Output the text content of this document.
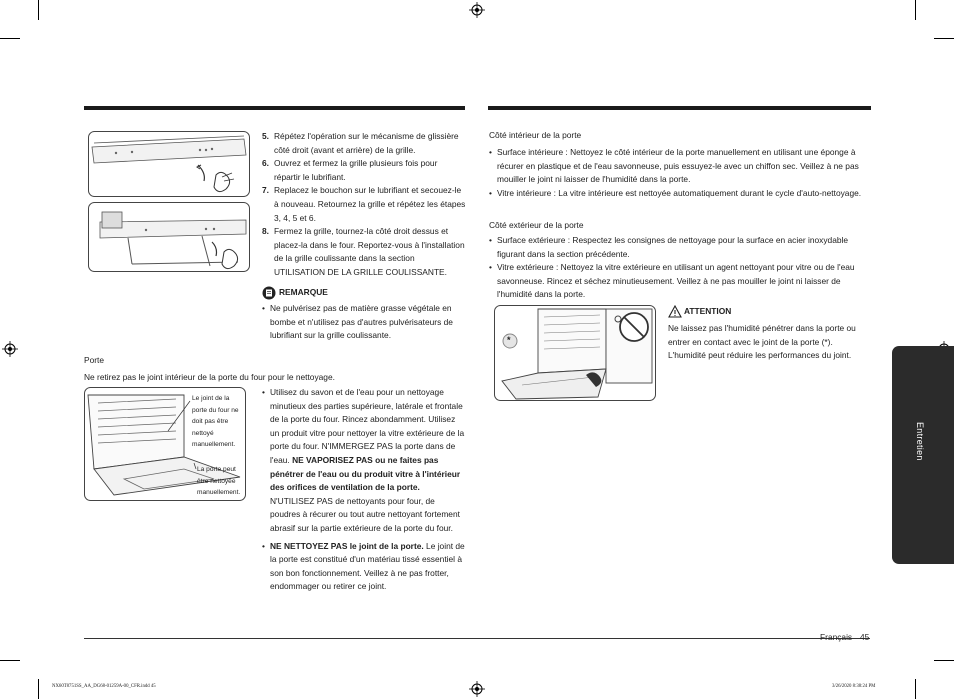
5. Répétez l'opération sur le mécanisme de glissière côté droit (avant et arrière) de la grille.
6. Ouvrez et fermez la grille plusieurs fois pour répartir le lubrifiant.
7. Replacez le bouchon sur le lubrifiant et secouez-le à nouveau. Retournez la grille et répétez les étapes 3, 4, 5 et 6.
8. Fermez la grille, tournez-la côté droit dessus et placez-la dans le four. Reportez-vous à l'installation de la grille coulissante dans la section UTILISATION DE LA GRILLE COULISSANTE.
REMARQUE
• Ne pulvérisez pas de matière grasse végétale en bombe et n'utilisez pas d'autres pulvérisateurs de lubrifiant sur la grille coulissante.
Porte
Ne retirez pas le joint intérieur de la porte du four pour le nettoyage.
Le joint de la porte du four ne doit pas être nettoyé manuellement.
La porte peut être nettoyée manuellement.
• Utilisez du savon et de l'eau pour un nettoyage minutieux des parties supérieure, latérale et frontale de la porte du four. Rincez abondamment. Utilisez un produit vitre pour nettoyer la vitre extérieure de la porte du four. N'IMMERGEZ PAS la porte dans de l'eau. NE VAPORISEZ PAS ou ne faites pas pénétrer de l'eau ou du produit vitre à l'intérieur des orifices de ventilation de la porte. N'UTILISEZ PAS de nettoyants pour four, de poudres à récurer ou tout autre nettoyant fortement abrasif sur la partie extérieure de la porte du four.
• NE NETTOYEZ PAS le joint de la porte. Le joint de la porte est constitué d'un matériau tissé essentiel à son bon fonctionnement. Veillez à ne pas frotter, endommager ou retirer ce joint.
Côté intérieur de la porte
• Surface intérieure : Nettoyez le côté intérieur de la porte manuellement en utilisant une éponge à récurer en plastique et de l'eau savonneuse, puis essuyez-le avec un chiffon sec. Veillez à ne pas mouiller le joint ni laisser de l'humidité dans la porte.
• Vitre intérieure : La vitre intérieure est nettoyée automatiquement durant le cycle d'auto-nettoyage.
Côté extérieur de la porte
• Surface extérieure : Respectez les consignes de nettoyage pour la surface en acier inoxydable figurant dans la section précédente.
• Vitre extérieure : Nettoyez la vitre extérieure en utilisant un agent nettoyant pour vitre ou de l'eau savonneuse. Rincez et séchez minutieusement. Veillez à ne pas mouiller le joint ni laisser de l'humidité dans la porte.
*
ATTENTION
Ne laissez pas l'humidité pénétrer dans la porte ou entrer en contact avec le joint de la porte (*). L'humidité peut réduire les performances du joint.
Entretien
Français 45
NX60T8751SS_AA_DG68-01259A-00_CFR.indd 45	3/26/2020 8:38:24 PM
